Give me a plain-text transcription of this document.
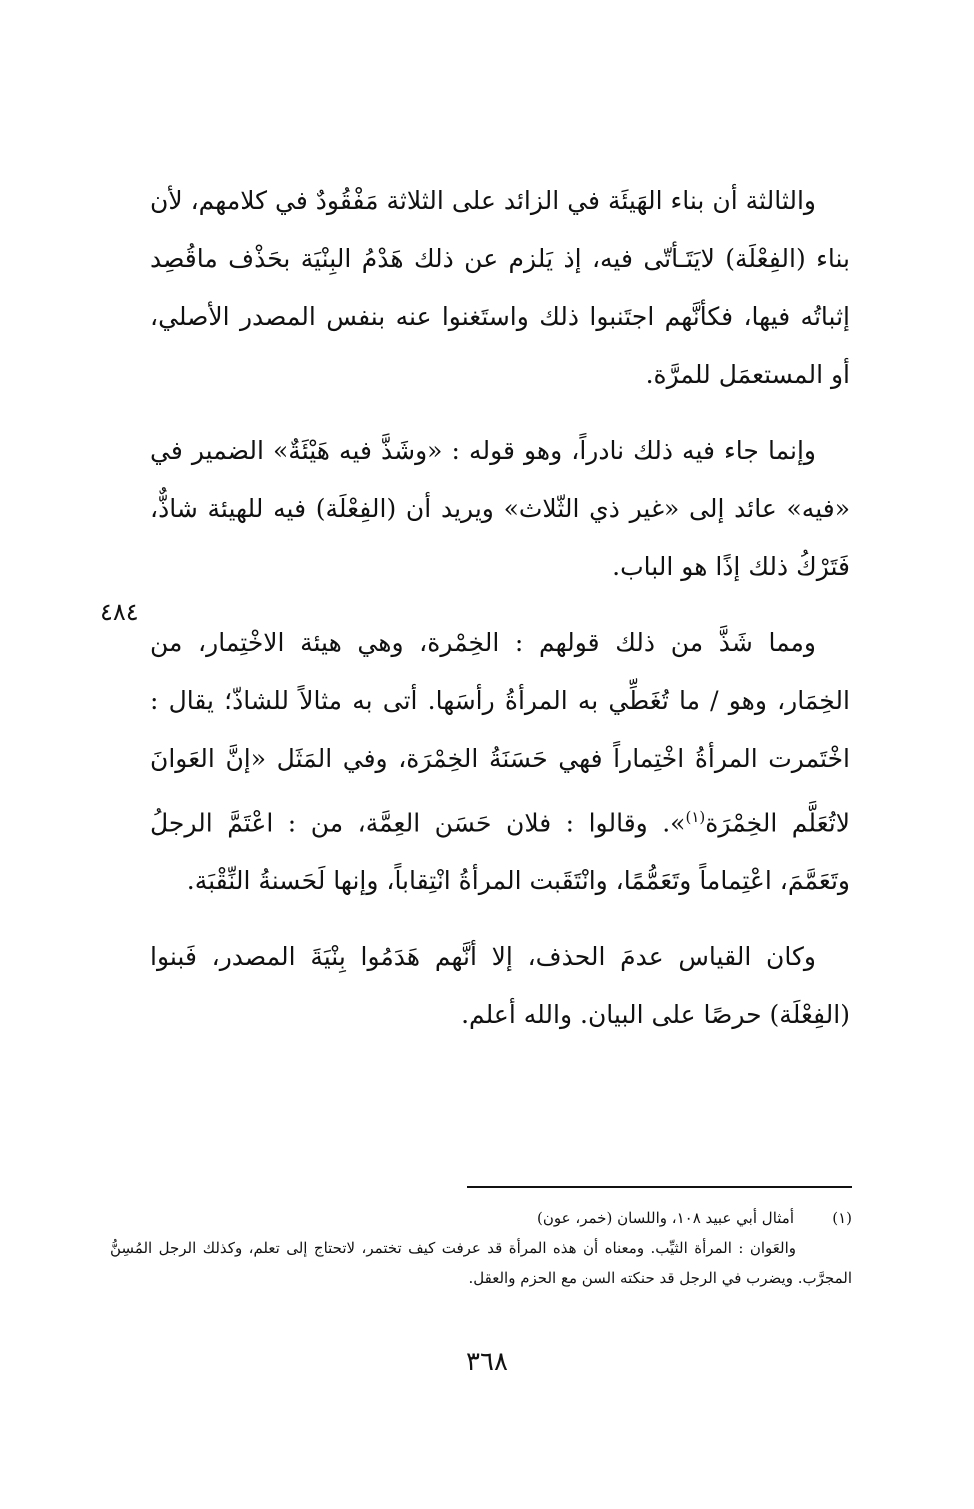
والثالثة أن بناء الهَيئَة في الزائد على الثلاثة مَفْقُودٌ في كلامهم، لأن بناء (الفِعْلَة) لايَتَـأتّى فيه، إذ يَلزم عن ذلك هَدْمُ البِنْيَة بحَذْف ماقُصِد إثباتُه فيها، فكأنَّهم اجتَنبوا ذلك واستَغنوا عنه بنفس المصدر الأصلي، أو المستعمَل للمرَّة.

وإنما جاء فيه ذلك نادراً، وهو قوله : «وشَذَّ فيه هَيْئَةٌ» الضمير في «فيه» عائد إلى «غير ذي الثّلاث» ويريد أن (الفِعْلَة) فيه للهيئة شاذٌّ، فَتَرْكُ ذلك إذًا هو الباب.

ومما شَذَّ من ذلك قولهم : الخِمْرة، وهي هيئة الاخْتِمار، من الخِمَار، وهو / ما تُغَطِّي به المرأةُ رأسَها. أتى به مثالاً للشاذّ؛ يقال : اخْتَمرت المرأةُ اخْتِماراً فهي حَسَنَةُ الخِمْرَة، وفي المَثَل «إنَّ العَوانَ لاتُعَلَّم الخِمْرَة$^{(١)}$». وقالوا : فلان حَسَن العِمَّة، من : اعْتَمَّ الرجلُ وتَعَمَّمَ، اعْتِماماً وتَعَمُّمًا، وانْتَقَبت المرأةُ انْتِقاباً، وإنها لَحَسنةُ النِّقْبَة.

وكان القياس عدمَ الحذف، إلا أنَّهم هَدَمُوا بِنْيَةَ المصدر، فَبنوا (الفِعْلَة) حرصًا على البيان. والله أعلم.

٤٨٤

(١)أمثال أبي عبيد ١٠٨، واللسان (خمر، عون)

والعَوان : المرأة الثيِّب. ومعناه أن هذه المرأة قد عرفت كيف تختمر، لاتحتاج إلى تعلم، وكذلك الرجل المُسِنُّ المجرَّب. ويضرب في الرجل قد حنكته السن مع الحزم والعقل.

٣٦٨
